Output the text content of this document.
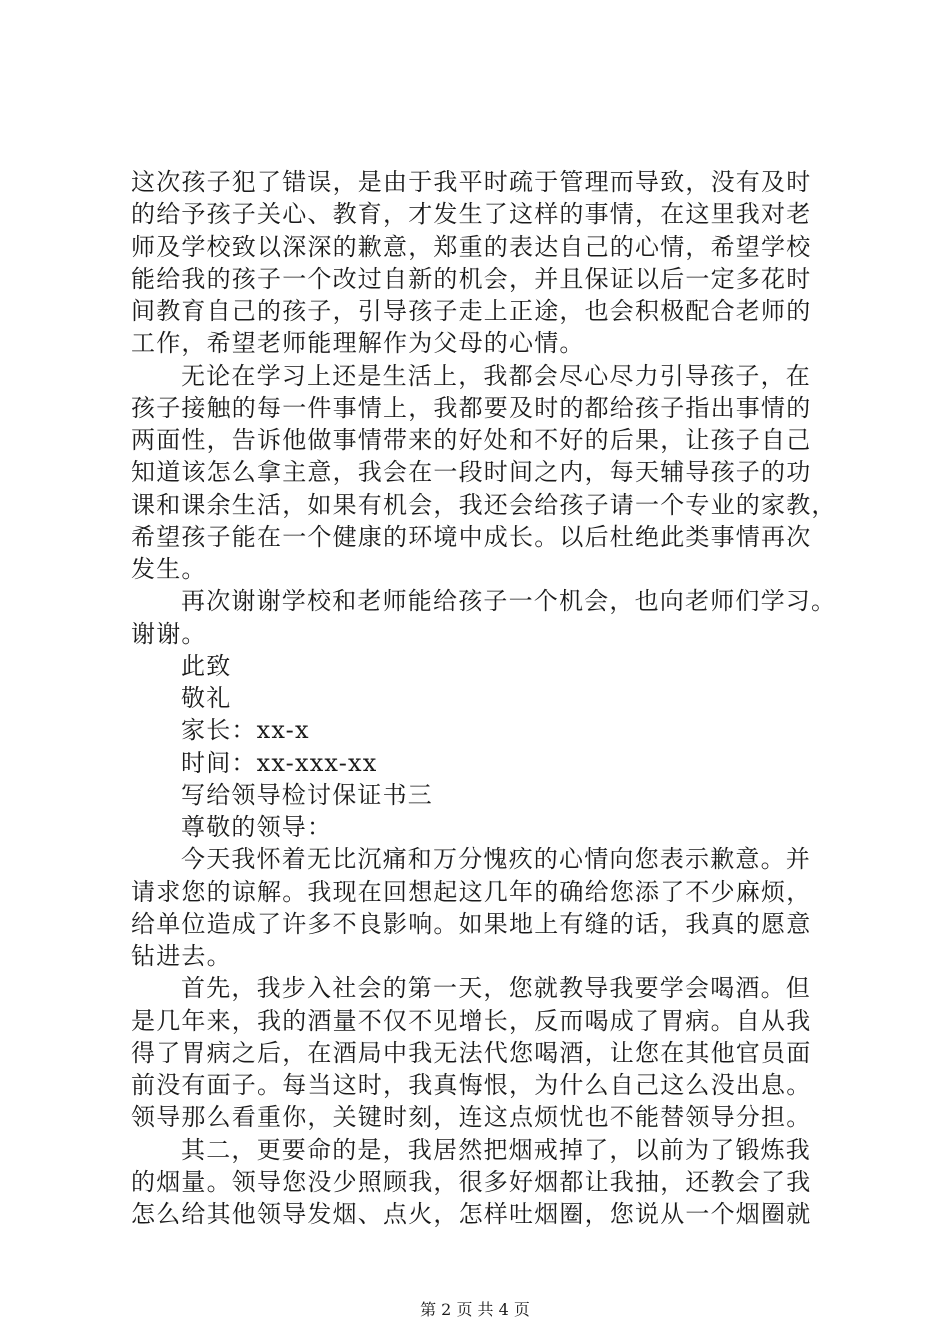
这次孩子犯了错误，是由于我平时疏于管理而导致，没有及时
的给予孩子关心、教育，才发生了这样的事情，在这里我对老
师及学校致以深深的歉意，郑重的表达自己的心情，希望学校
能给我的孩子一个改过自新的机会，并且保证以后一定多花时
间教育自己的孩子，引导孩子走上正途，也会积极配合老师的
工作，希望老师能理解作为父母的心情。
无论在学习上还是生活上，我都会尽心尽力引导孩子，在
孩子接触的每一件事情上，我都要及时的都给孩子指出事情的
两面性，告诉他做事情带来的好处和不好的后果，让孩子自己
知道该怎么拿主意，我会在一段时间之内，每天辅导孩子的功
课和课余生活，如果有机会，我还会给孩子请一个专业的家教，
希望孩子能在一个健康的环境中成长。以后杜绝此类事情再次
发生。
再次谢谢学校和老师能给孩子一个机会，也向老师们学习。
谢谢。
此致
敬礼
家长：xx-x
时间：xx-xxx-xx
写给领导检讨保证书三
尊敬的领导：
今天我怀着无比沉痛和万分愧疚的心情向您表示歉意。并
请求您的谅解。我现在回想起这几年的确给您添了不少麻烦，
给单位造成了许多不良影响。如果地上有缝的话，我真的愿意
钻进去。
首先，我步入社会的第一天，您就教导我要学会喝酒。但
是几年来，我的酒量不仅不见增长，反而喝成了胃病。自从我
得了胃病之后，在酒局中我无法代您喝酒，让您在其他官员面
前没有面子。每当这时，我真悔恨，为什么自己这么没出息。
领导那么看重你，关键时刻，连这点烦忧也不能替领导分担。
其二，更要命的是，我居然把烟戒掉了，以前为了锻炼我
的烟量。领导您没少照顾我，很多好烟都让我抽，还教会了我
怎么给其他领导发烟、点火，怎样吐烟圈，您说从一个烟圈就
第 2 页 共 4 页
